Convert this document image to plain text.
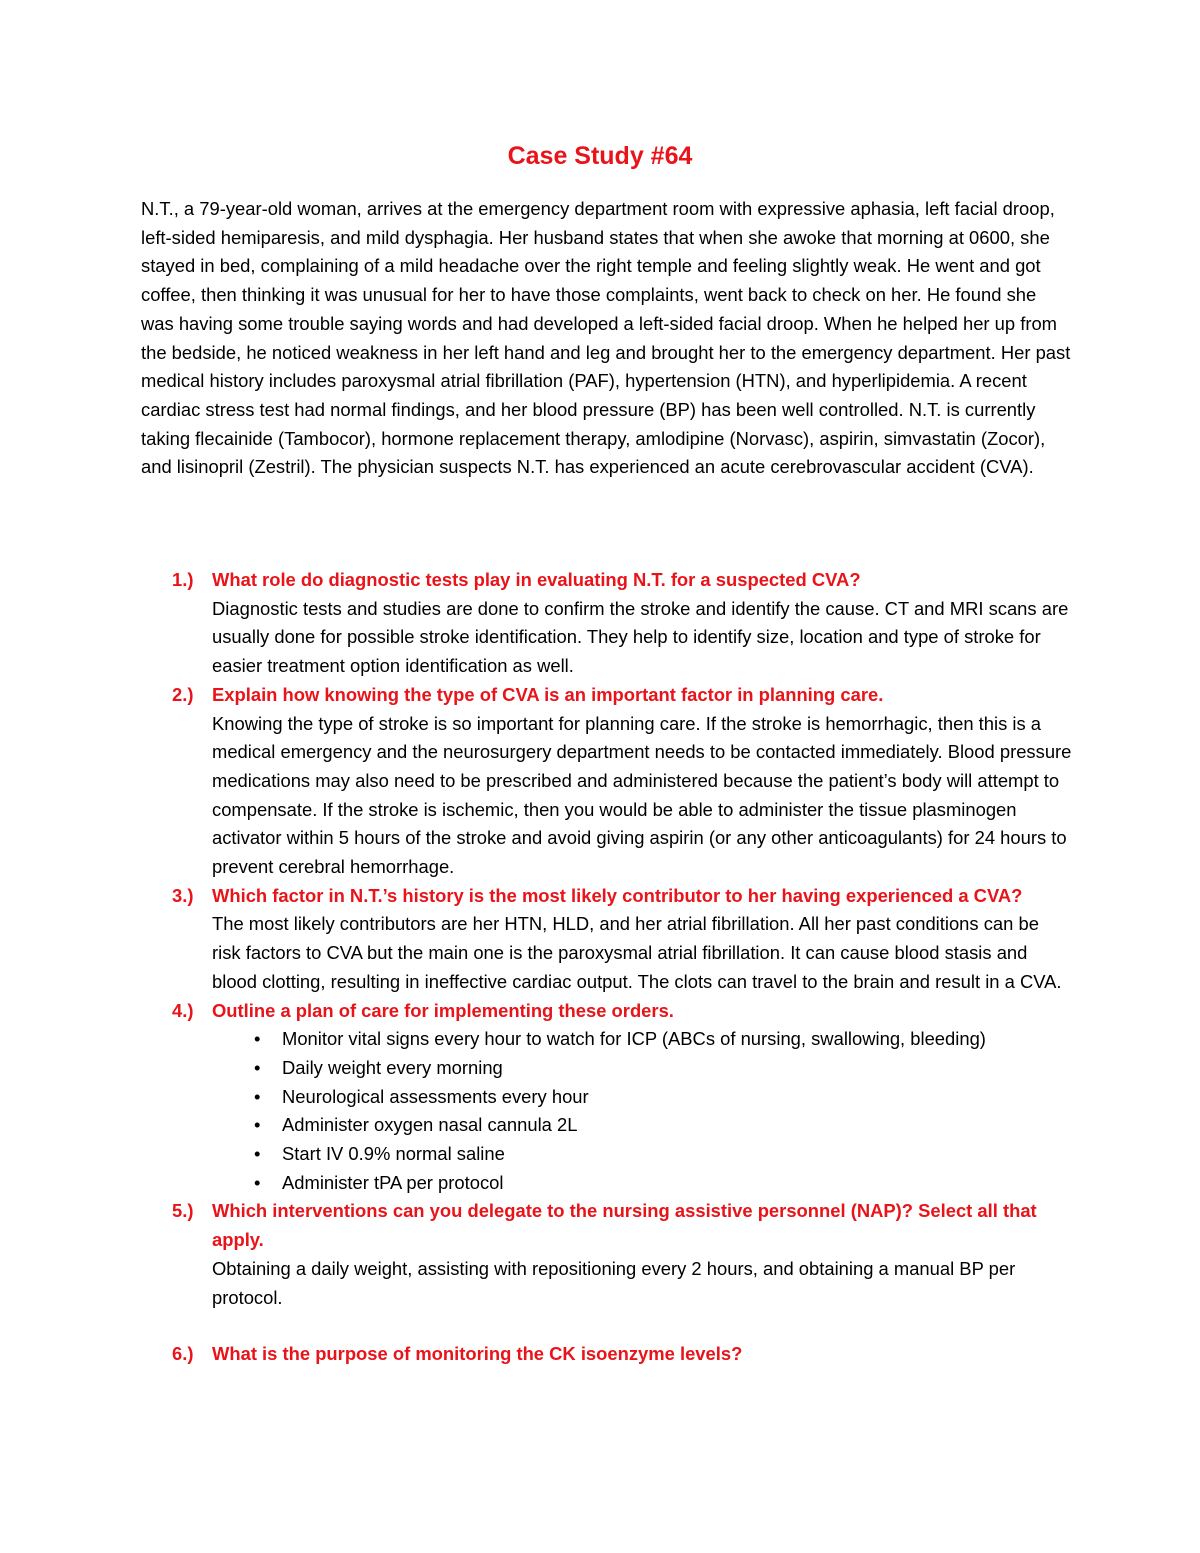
Case Study #64

N.T., a 79-year-old woman, arrives at the emergency department room with expressive aphasia, left facial droop, left-sided hemiparesis, and mild dysphagia. Her husband states that when she awoke that morning at 0600, she stayed in bed, complaining of a mild headache over the right temple and feeling slightly weak. He went and got coffee, then thinking it was unusual for her to have those complaints, went back to check on her. He found she was having some trouble saying words and had developed a left-sided facial droop. When he helped her up from the bedside, he noticed weakness in her left hand and leg and brought her to the emergency department. Her past medical history includes paroxysmal atrial fibrillation (PAF), hypertension (HTN), and hyperlipidemia. A recent cardiac stress test had normal findings, and her blood pressure (BP) has been well controlled. N.T. is currently taking flecainide (Tambocor), hormone replacement therapy, amlodipine (Norvasc), aspirin, simvastatin (Zocor), and lisinopril (Zestril). The physician suspects N.T. has experienced an acute cerebrovascular accident (CVA).

1.) What role do diagnostic tests play in evaluating N.T. for a suspected CVA?
Diagnostic tests and studies are done to confirm the stroke and identify the cause. CT and MRI scans are usually done for possible stroke identification. They help to identify size, location and type of stroke for easier treatment option identification as well.
2.) Explain how knowing the type of CVA is an important factor in planning care.
Knowing the type of stroke is so important for planning care. If the stroke is hemorrhagic, then this is a medical emergency and the neurosurgery department needs to be contacted immediately. Blood pressure medications may also need to be prescribed and administered because the patient’s body will attempt to compensate. If the stroke is ischemic, then you would be able to administer the tissue plasminogen activator within 5 hours of the stroke and avoid giving aspirin (or any other anticoagulants) for 24 hours to prevent cerebral hemorrhage.
3.) Which factor in N.T.’s history is the most likely contributor to her having experienced a CVA?
The most likely contributors are her HTN, HLD, and her atrial fibrillation. All her past conditions can be risk factors to CVA but the main one is the paroxysmal atrial fibrillation. It can cause blood stasis and blood clotting, resulting in ineffective cardiac output. The clots can travel to the brain and result in a CVA.
4.) Outline a plan of care for implementing these orders.
• Monitor vital signs every hour to watch for ICP (ABCs of nursing, swallowing, bleeding)
• Daily weight every morning
• Neurological assessments every hour
• Administer oxygen nasal cannula 2L
• Start IV 0.9% normal saline
• Administer tPA per protocol
5.) Which interventions can you delegate to the nursing assistive personnel (NAP)? Select all that apply.
Obtaining a daily weight, assisting with repositioning every 2 hours, and obtaining a manual BP per protocol.
6.) What is the purpose of monitoring the CK isoenzyme levels?
